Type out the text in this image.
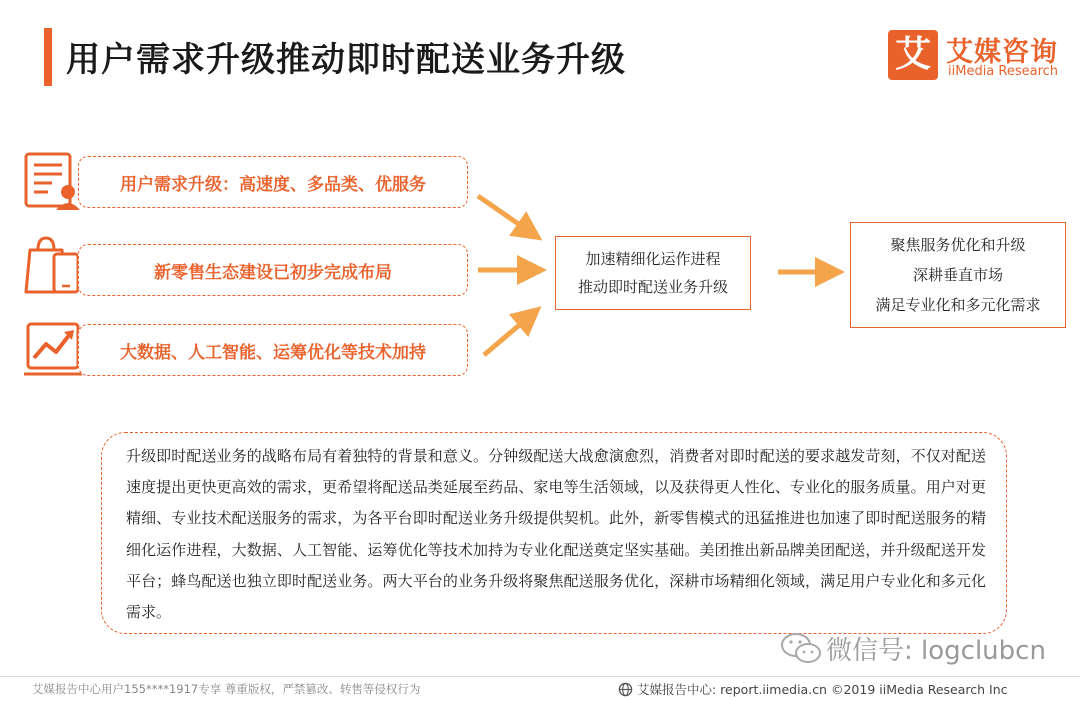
用户需求升级推动即时配送业务升级	艾 艾媒咨询
iiMedia Research
用户需求升级：高速度、多品类、优服务
新零售生态建设已初步完成布局
大数据、人工智能、运筹优化等技术加持
加速精细化运作进程
推动即时配送业务升级
聚焦服务优化和升级
深耕垂直市场
满足专业化和多元化需求
升级即时配送业务的战略布局有着独特的背景和意义。分钟级配送大战愈演愈烈，消费者对即时配送的要求越发苛刻，不仅对配送速度提出更快更高效的需求，更希望将配送品类延展至药品、家电等生活领域，以及获得更人性化、专业化的服务质量。用户对更精细、专业技术配送服务的需求，为各平台即时配送业务升级提供契机。此外，新零售模式的迅猛推进也加速了即时配送服务的精细化运作进程，大数据、人工智能、运筹优化等技术加持为专业化配送奠定坚实基础。美团推出新品牌美团配送，并升级配送开发平台；蜂鸟配送也独立即时配送业务。两大平台的业务升级将聚焦配送服务优化，深耕市场精细化领域，满足用户专业化和多元化需求。
微信号: logclubcn
艾媒报告中心用户155****1917专享 尊重版权，严禁篡改、转售等侵权行为	艾媒报告中心: report.iimedia.cn ©2019 iiMedia Research Inc
